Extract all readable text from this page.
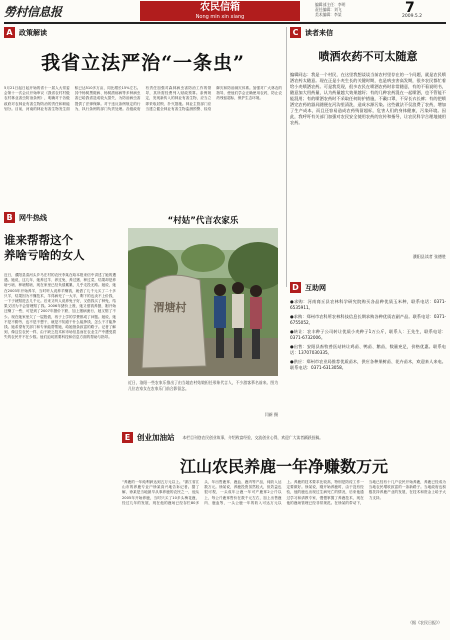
勞村信息报	农民信箱
Nong min xin xiang
编辑部主任：李明
责任编辑：刘飞
美术编辑：李某	7
2009.5.2
A 政策解读
我省立法严治“一条虫”
5月21日起日起开始的省十一届人大常委会第十一次会议开始审议《我省农村村级农村林业害虫防治条例》，明确对于各级政府对农林业有害生物防治的责任和职能划分。目前，河南的林业有害生物发生面积已达510多万亩，同比增长15%左右。其中杨树黑斑病、杨树溃疡病等多种病虫害已给我省造成较大损失，为防治病虫害提供了法律保障。对于违反条例规定的行为，执行条例的部门负责处理。各级政府有责任加强对森林病虫害防治工作的领导，其所需经费列入财政预算。条例规定，发现新传入的林业有害生物，应当立即采取封锁、扑灭措施。林业主管部门应当建立健全林业有害生物监测预警、检疫御灾和防治减灾体系。加强对广大林农的指导，使他们学会正确使用农药，防止农药残留超标，保护生态环境。
C 读者来信
喷洒农药不可太随意
编辑同志：我是一个村民，在这里我想谈谈当前农村里存在的一个问题，就是农民喷洒农药太随意。现在正是小麦生长的关键时期，也是病虫害高发期，很多农民都忙着给小麦喷洒农药。可是我发现，很多农民在喷洒农药时非常随意，有的不看说明书，随意加大用药量，认为药量越大效果越好；有的几种农药混在一起喷洒，也不管能不能混用；有的喷洒农药时不采取任何防护措施，不戴口罩，不穿长衣长裤；有的把喷洒完农药的器具随便在河沟里清洗，造成水源污染。这些做法不仅浪费了农药，增加了生产成本，而且还容易造成农药残留超标，危害人们的身体健康，污染环境。因此，我呼吁有关部门加强对农民安全使用农药的宣传和指导，让农民科学合理地使用农药。
濮阳县读者 张德胜
B 网牛热线
谁来帮帮这个
养啥亏啥的女人
近日，濮阳县清河头乡马庄村的农民李某在给本报来信中讲述了她的遭遇。她说，这几年，她养过羊、养过兔、养过猪、种过菜，结果却是养啥亏啥、种啥赔啥，现在家里已经负债累累，几乎走投无路。她说，她在2003年开始养羊，当时听人说养羊赚钱，就借了几千元买了二十多只羊，结果因为不懂技术，羊得病死了一大半，剩下的也卖不上价钱，一下子就赔进去几千元。后来又听人说养兔子好，又借钱买了种兔，结果又因为不会管理赔了钱。2006年猪价上涨，她又借钱养猪，刚开始还赚了一些，可是到了2007年猪价下跌，加上猪病流行，她又赔了不少。现在她家里欠了一屁股债，孩子上学的学费都成了问题。她说，她不是不勤劳，也不是不想干，就是不知道干什么能挣钱，怎么干才能挣钱。她希望有关部门和专家能帮帮她，给她指条致富的路子。记者了解到，像这位农民一样，由于缺乏技术和市场信息而在农业生产中遭受损失的农民并不在少数。他们迫切需要科技和信息方面的帮助与指导。
“村姑”代言农家乐
渭塘村
近日，洛阳一些农家乐推出了由当地农村姑娘担任形象代言人，不少游客慕名前来。图为几位农家女在农家乐门前合影留念。
闫新 摄
D 互助网
●求购：河南商丘县农林科学研究院购买各品种优质玉米种，联系电话：0371-6535911。
●求购：郑州市农科所农林科技信息长期求购各种优质农副产品。联系电话：0371-6755052。
●转让：农丰种子公司转让优质小麦种子1万公斤，联系人：王先生，联系电话：0371-6732006。
●出售：安阳县畜牧兽医站转让鸡苗、鸭苗、鹅苗，数量充足，价格优惠。联系电话：13707030335。
●供应：郑州市农业局推荐优质苗木，供应各种果树苗、花卉苗木，欢迎来人来电。联系电话：0371-6313058。
E 创业加油站 本栏目刊登农民创业故事，介绍致富经验，交流创业心得，欢迎广大读者踊跃投稿。
江山农民养鹿一年净赚数万元
“养鹿的一年纯利润达到五万元以上。”浙江省江山市的养鹿专业户徐某高兴地告诉记者。据了解，徐某是当地最早从事养鹿的农民之一，他从2005年开始养鹿，当时只买了10多头梅花鹿，经过几年的发展，现在他的鹿场已经存栏80多头，年出售鹿茸、鹿血、鹿肉等产品，纯收入达数万元。徐某说，养鹿投资虽然较大，但效益也很可观，一头成年公鹿一年可产鹿茸2公斤以上，每公斤鹿茸售价在数千元左右，加上出售鹿肉、鹿血等，一头公鹿一年的收入可达万元以上。养鹿的技术要求比较高，特别是防疫工作一定要做好。徐某说，刚开始养鹿时，由于没有经验，他的鹿也出现过生病死亡的情况，后来他通过学习和请教专家，慢慢掌握了养鹿技术，现在他的鹿场管理已经非常规范。在徐某的带动下，当地已经有十几户农民开始养鹿，养鹿已经成为当地农民增收致富的一条新路子。当地政府也积极扶持养鹿产业的发展，在技术和资金上给予大力支持。
（据《农民日报》）
